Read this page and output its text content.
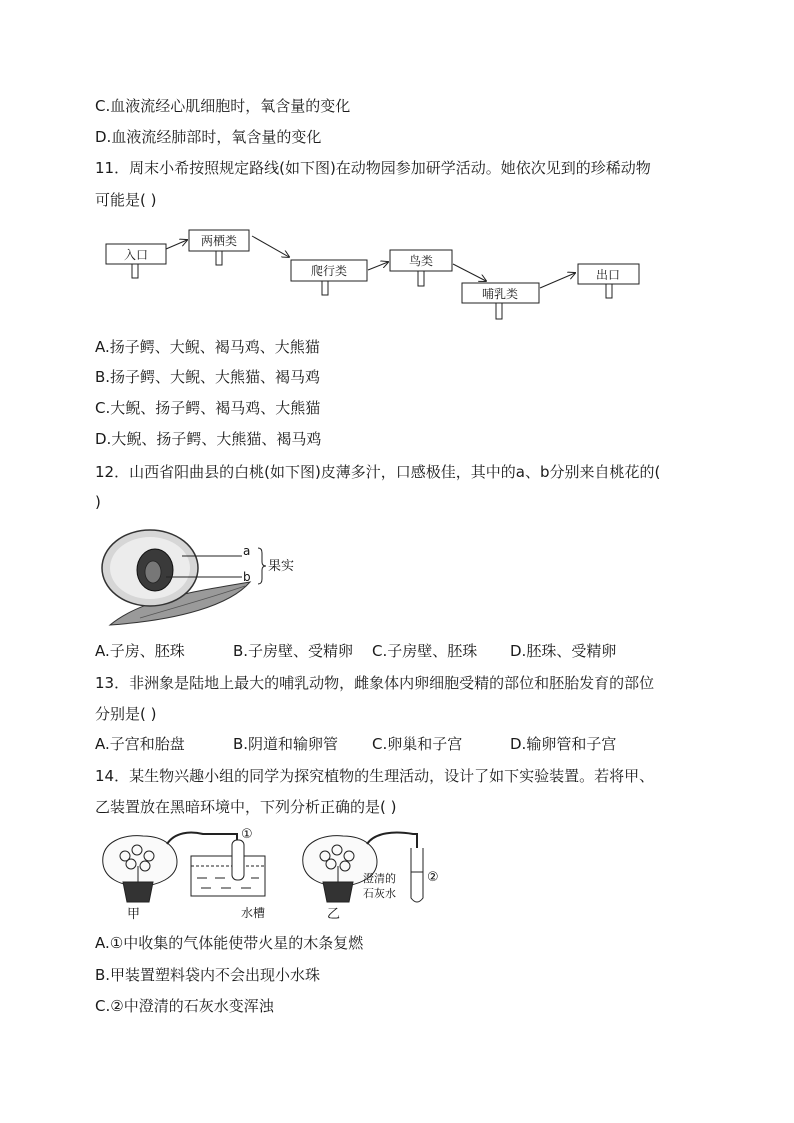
C.血液流经心肌细胞时，氧含量的变化
D.血液流经肺部时，氧含量的变化
11．周末小希按照规定路线(如下图)在动物园参加研学活动。她依次见到的珍稀动物
可能是( )
入口
两栖类
爬行类
鸟类
哺乳类
出口
A.扬子鳄、大鲵、褐马鸡、大熊猫
B.扬子鳄、大鲵、大熊猫、褐马鸡
C.大鲵、扬子鳄、褐马鸡、大熊猫
D.大鲵、扬子鳄、大熊猫、褐马鸡
12．山西省阳曲县的白桃(如下图)皮薄多汁，口感极佳，其中的a、b分别来自桃花的(
)
a
b
果实
A.子房、胚珠	B.子房壁、受精卵 C.子房壁、胚珠 D.胚珠、受精卵
13．非洲象是陆地上最大的哺乳动物，雌象体内卵细胞受精的部位和胚胎发育的部位
分别是( )
A.子宫和胎盘	B.阴道和输卵管 C.卵巢和子宫	D.输卵管和子宫
14．某生物兴趣小组的同学为探究植物的生理活动，设计了如下实验装置。若将甲、
乙装置放在黑暗环境中，下列分析正确的是( )
①
②
甲	水槽	乙
澄清的
石灰水
A.①中收集的气体能使带火星的木条复燃
B.甲装置塑料袋内不会出现小水珠
C.②中澄清的石灰水变浑浊
